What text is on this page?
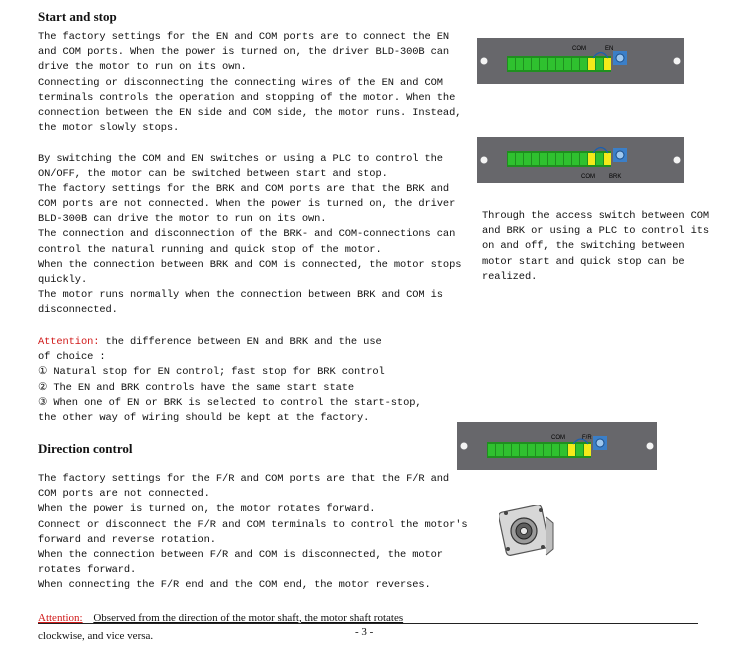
Start and stop
The factory settings for the EN and COM ports are to connect the EN
and COM ports. When the power is turned on, the driver BLD-300B can
drive the motor to run on its own.
Connecting or disconnecting the connecting wires of the EN and COM
terminals controls the operation and stopping of the motor. When the
connection between the EN side and COM side, the motor runs. Instead,
the motor slowly stops.
By switching the COM and EN switches or using a PLC to control the
ON/OFF, the motor can be switched between start and stop.
The factory settings for the BRK and COM ports are that the BRK and
COM ports are not connected. When the power is turned on, the driver
BLD-300B can drive the motor to run on its own.
The connection and disconnection of the BRK- and COM-connections can
control the natural running and quick stop of the motor.
When the connection between BRK and COM is connected, the motor stops
quickly.
The motor runs normally when the connection between BRK and COM is
disconnected.
Attention: the difference between EN and BRK and the use
of choice :
① Natural stop for EN control; fast stop for BRK control
② The EN and BRK controls have the same start state
③ When one of EN or BRK is selected to control the start-stop,
the other way of wiring should be kept at the factory.
Through the access switch between COM
and BRK or using a PLC to control its
on and off, the switching between
motor start and quick stop can be
realized.
COM	EN
COM BRK
Direction control
The factory settings for the F/R and COM ports are that the F/R and
COM ports are not connected.
When the power is turned on, the motor rotates forward.
Connect or disconnect the F/R and COM terminals to control the motor's
forward and reverse rotation.
When the connection between F/R and COM is disconnected, the motor
rotates forward.
When connecting the F/R end and the COM end, the motor reverses.
COM	F/R
Attention: Observed from the direction of the motor shaft, the motor shaft rotates
clockwise, and vice versa.	- 3 -
